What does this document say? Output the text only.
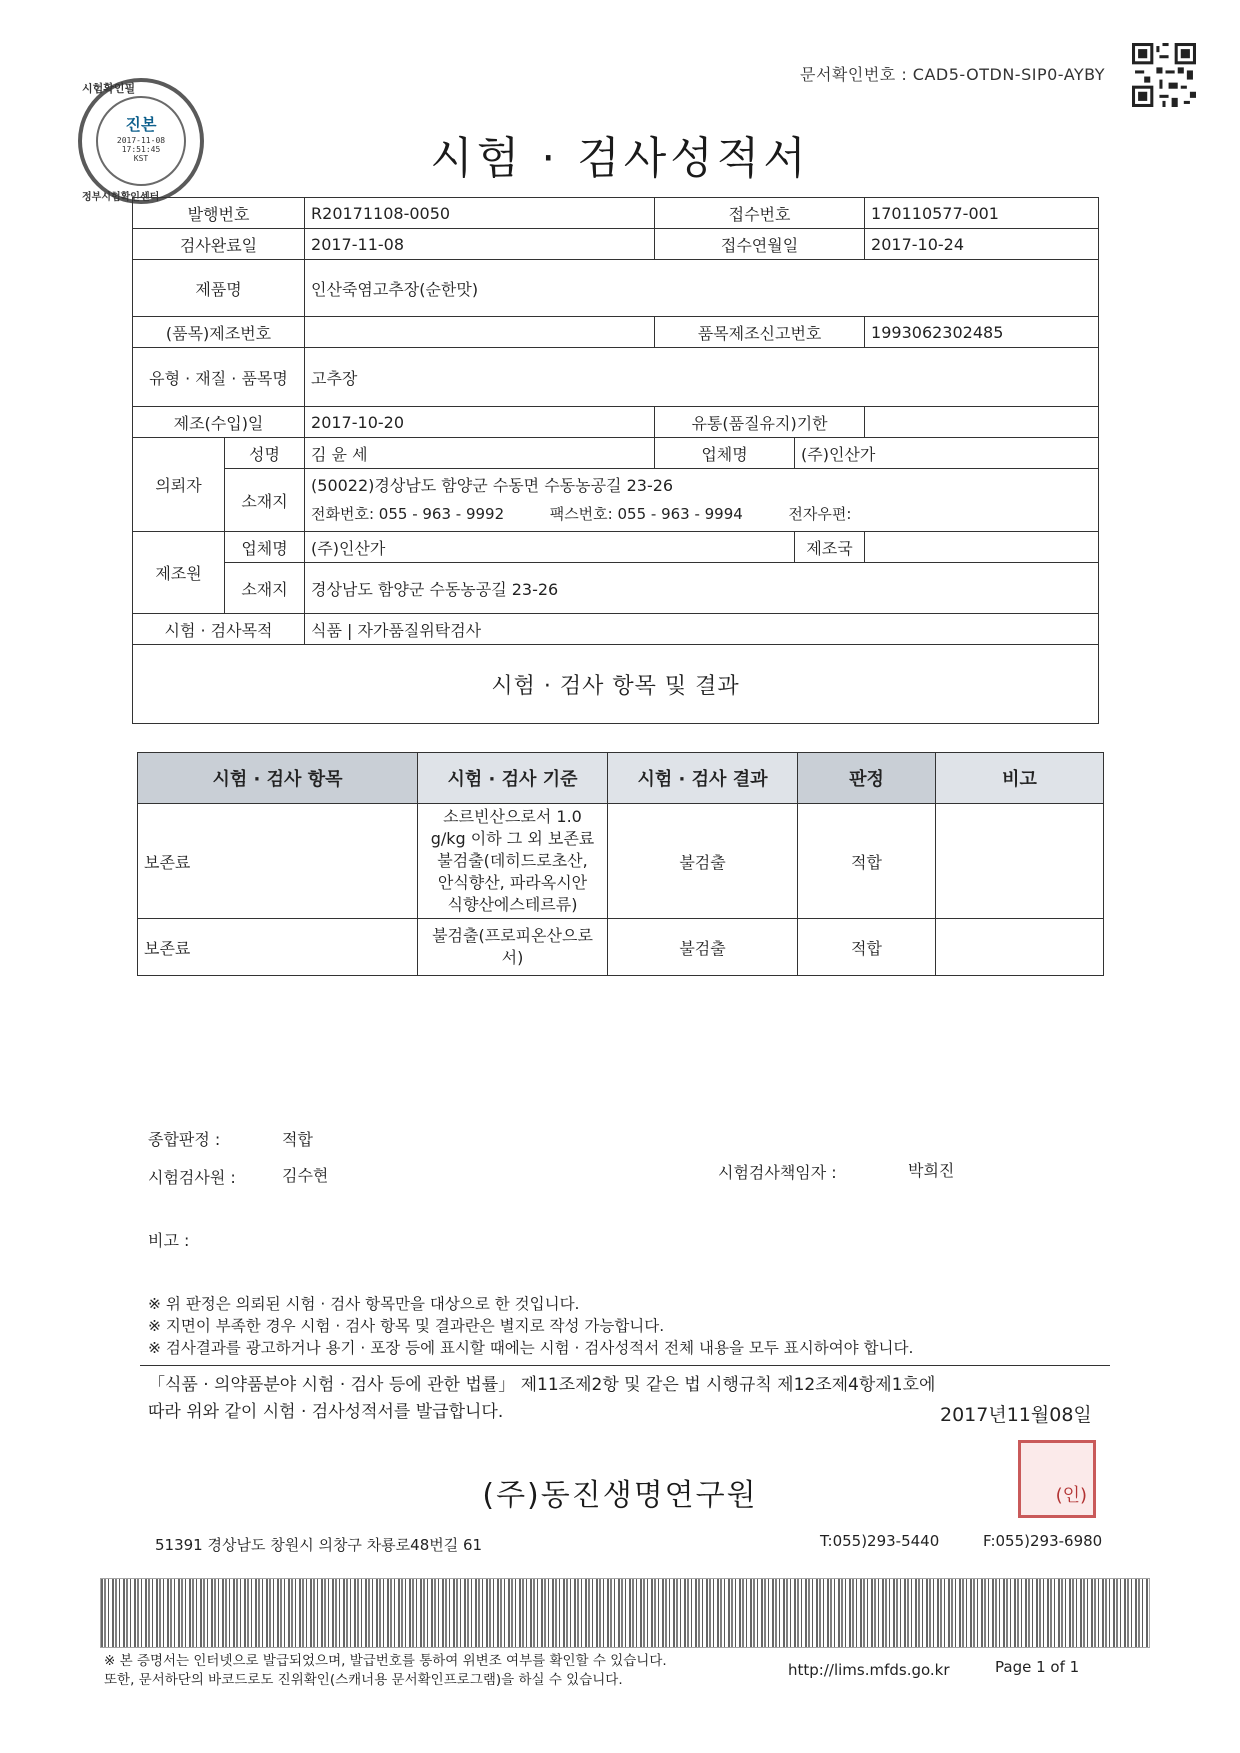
시험확인필
진본
2017-11-08
17:51:45
KST
정부시험확인센터
문서확인번호 : CAD5-OTDN-SIP0-AYBY
시험 · 검사성적서
발행번호		R20171108-0050	접수번호		170110577-001
검사완료일		2017-11-08	접수연월일		2017-10-24
제품명		인산죽염고추장(순한맛)			
(품목)제조번호			품목제조신고번호		1993062302485
유형 · 재질 · 품목명		고추장			
제조(수입)일		2017-10-20	유통(품질유지)기한		
의뢰자	성명	김 윤 세	업체명	(주)인산가	
	소재지	(50022)경상남도 함양군 수동면 수동농공길 23-26
전화번호: 055 - 963 - 9992 팩스번호: 055 - 963 - 9994 전자우편:			

제조원	업체명	(주)인산가		제조국	
	소재지	경상남도 함양군 수동농공길 23-26			
시험 · 검사목적		식품 | 자가품질위탁검사			
시험 · 검사 항목 및 결과					
시험 · 검사 항목	시험 · 검사 기준	시험 · 검사 결과	판정	비고
보존료	소르빈산으로서 1.0
g/kg 이하 그 외 보존료
불검출(데히드로초산,
안식향산, 파라옥시안
식향산에스테르류)	불검출	적합	
보존료	불검출(프로피온산으로
서)	불검출	적합	
종합판정 :	적합
시험검사원 :	김수현	시험검사책임자 :	박희진
비고 :
※ 위 판정은 의뢰된 시험 · 검사 항목만을 대상으로 한 것입니다.
※ 지면이 부족한 경우 시험 · 검사 항목 및 결과란은 별지로 작성 가능합니다.
※ 검사결과를 광고하거나 용기 · 포장 등에 표시할 때에는 시험 · 검사성적서 전체 내용을 모두 표시하여야 합니다.
「식품 · 의약품분야 시험 · 검사 등에 관한 법률」 제11조제2항 및 같은 법 시행규칙 제12조제4항제1호에
따라 위와 같이 시험 · 검사성적서를 발급합니다.	2017년11월08일
(인)
(주)동진생명연구원
51391 경상남도 창원시 의창구 차룡로48번길 61	T:055)293-5440	F:055)293-6980
※ 본 증명서는 인터넷으로 발급되었으며, 발급번호를 통하여 위변조 여부를 확인할 수 있습니다.
또한, 문서하단의 바코드로도 진위확인(스캐너용 문서확인프로그램)을 하실 수 있습니다.
http://lims.mfds.go.kr	Page 1 of 1
